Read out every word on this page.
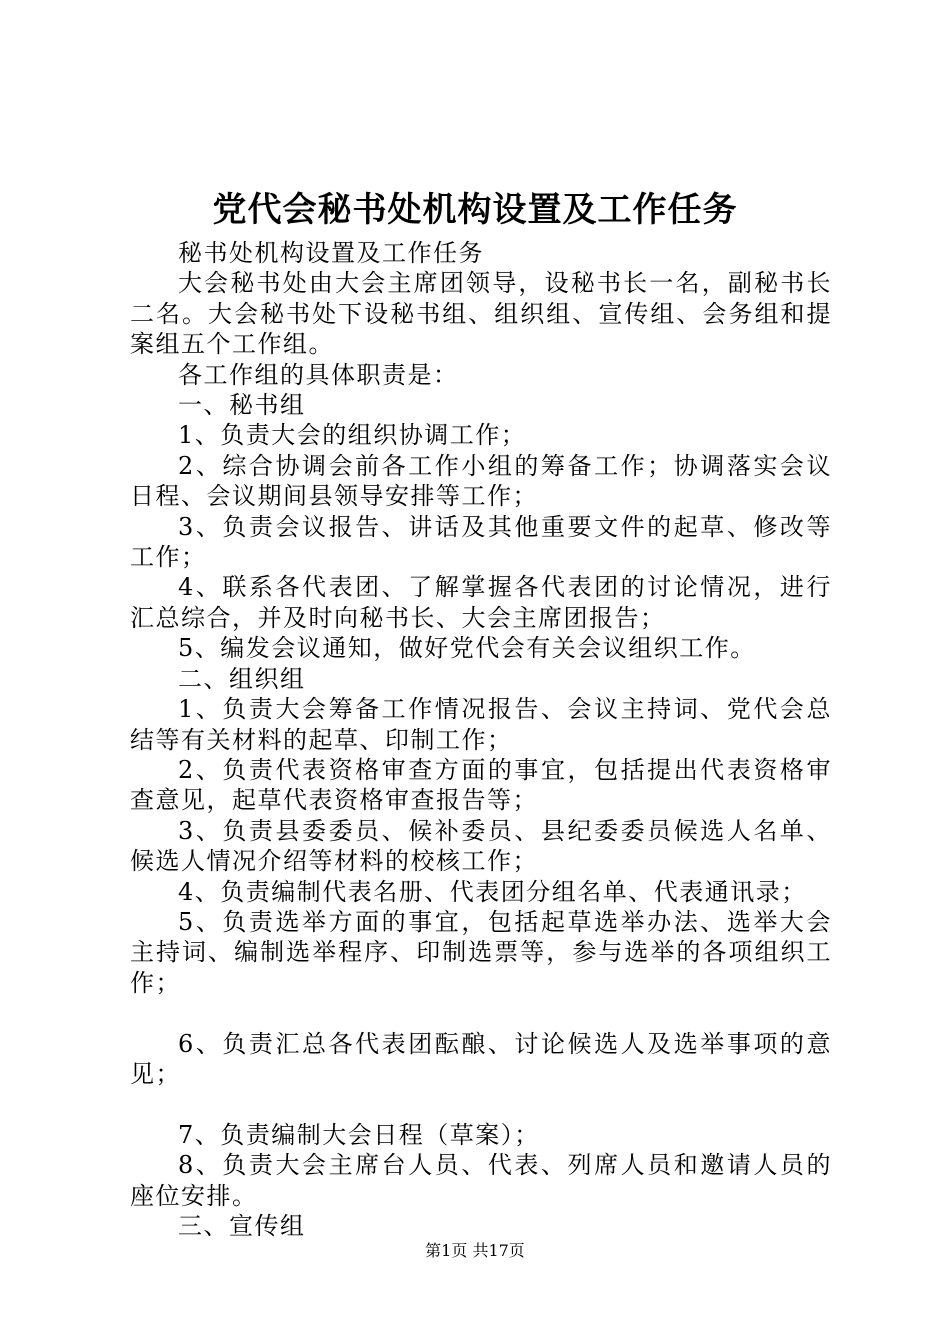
党代会秘书处机构设置及工作任务

秘书处机构设置及工作任务

大会秘书处由大会主席团领导，设秘书长一名，副秘书长二名。大会秘书处下设秘书组、组织组、宣传组、会务组和提案组五个工作组。

各工作组的具体职责是：

一、秘书组

1、负责大会的组织协调工作；

2、综合协调会前各工作小组的筹备工作；协调落实会议日程、会议期间县领导安排等工作；

3、负责会议报告、讲话及其他重要文件的起草、修改等工作；

4、联系各代表团、了解掌握各代表团的讨论情况，进行汇总综合，并及时向秘书长、大会主席团报告；

5、编发会议通知，做好党代会有关会议组织工作。

二、组织组

1、负责大会筹备工作情况报告、会议主持词、党代会总结等有关材料的起草、印制工作；

2、负责代表资格审查方面的事宜，包括提出代表资格审查意见，起草代表资格审查报告等；

3、负责县委委员、候补委员、县纪委委员候选人名单、候选人情况介绍等材料的校核工作；

4、负责编制代表名册、代表团分组名单、代表通讯录；

5、负责选举方面的事宜，包括起草选举办法、选举大会主持词、编制选举程序、印制选票等，参与选举的各项组织工作；

6、负责汇总各代表团酝酿、讨论候选人及选举事项的意见；

7、负责编制大会日程（草案）；

8、负责大会主席台人员、代表、列席人员和邀请人员的座位安排。

三、宣传组

第1页 共17页
